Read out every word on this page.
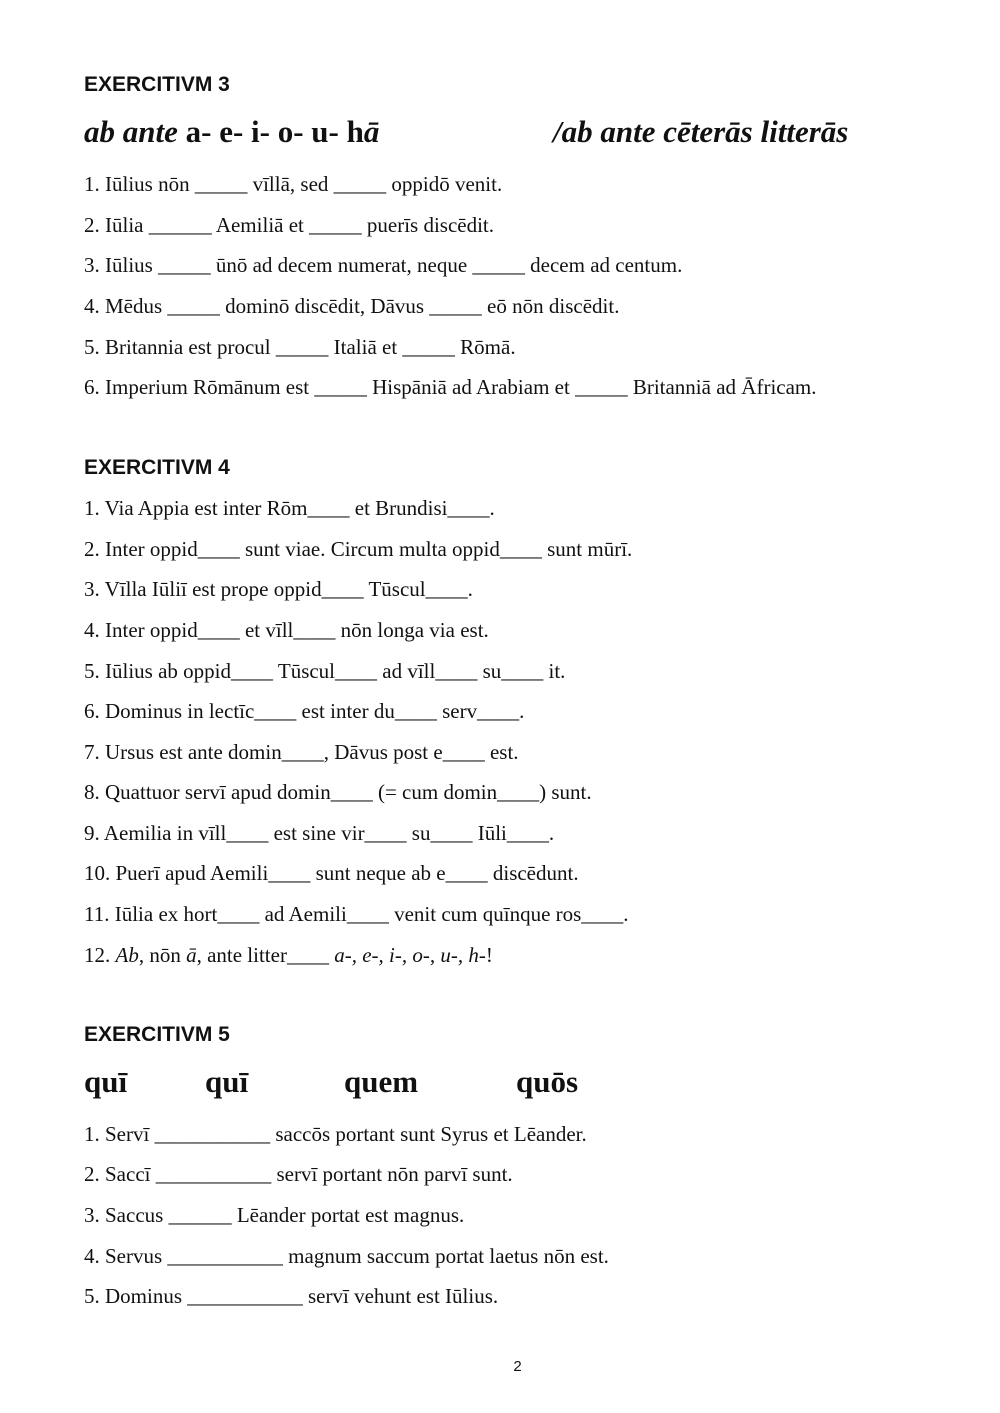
EXERCITIVM 3
ab ante a- e- i- o- u- hā	/ab ante cēterās litterās

1. Iūlius nōn _____ vīllā, sed _____ oppidō venit.

2. Iūlia ______ Aemiliā et _____ puerīs discēdit.

3. Iūlius _____ ūnō ad decem numerat, neque _____ decem ad centum.

4. Mēdus _____ dominō discēdit, Dāvus _____ eō nōn discēdit.

5. Britannia est procul _____ Italiā et _____ Rōmā.

6. Imperium Rōmānum est _____ Hispāniā ad Arabiam et _____ Britanniā ad Āfricam.

EXERCITIVM 4

1. Via Appia est inter Rōm____ et Brundisi____.

2. Inter oppid____ sunt viae. Circum multa oppid____ sunt mūrī.

3. Vīlla Iūliī est prope oppid____ Tūscul____.

4. Inter oppid____ et vīll____ nōn longa via est.

5. Iūlius ab oppid____ Tūscul____ ad vīll____ su____ it.

6. Dominus in lectīc____ est inter du____ serv____.

7. Ursus est ante domin____, Dāvus post e____ est.

8. Quattuor servī apud domin____ (= cum domin____) sunt.

9. Aemilia in vīll____ est sine vir____ su____ Iūli____.

10. Puerī apud Aemili____ sunt neque ab e____ discēdunt.

11. Iūlia ex hort____ ad Aemili____ venit cum quīnque ros____.

12. Ab, nōn ā, ante litter____ a-, e-, i-, o-, u-, h-!

EXERCITIVM 5
quī	quī	quem	quōs

1. Servī ___________ saccōs portant sunt Syrus et Lēander.

2. Saccī ___________ servī portant nōn parvī sunt.

3. Saccus ______ Lēander portat est magnus.

4. Servus ___________ magnum saccum portat laetus nōn est.

5. Dominus ___________ servī vehunt est Iūlius.

2
